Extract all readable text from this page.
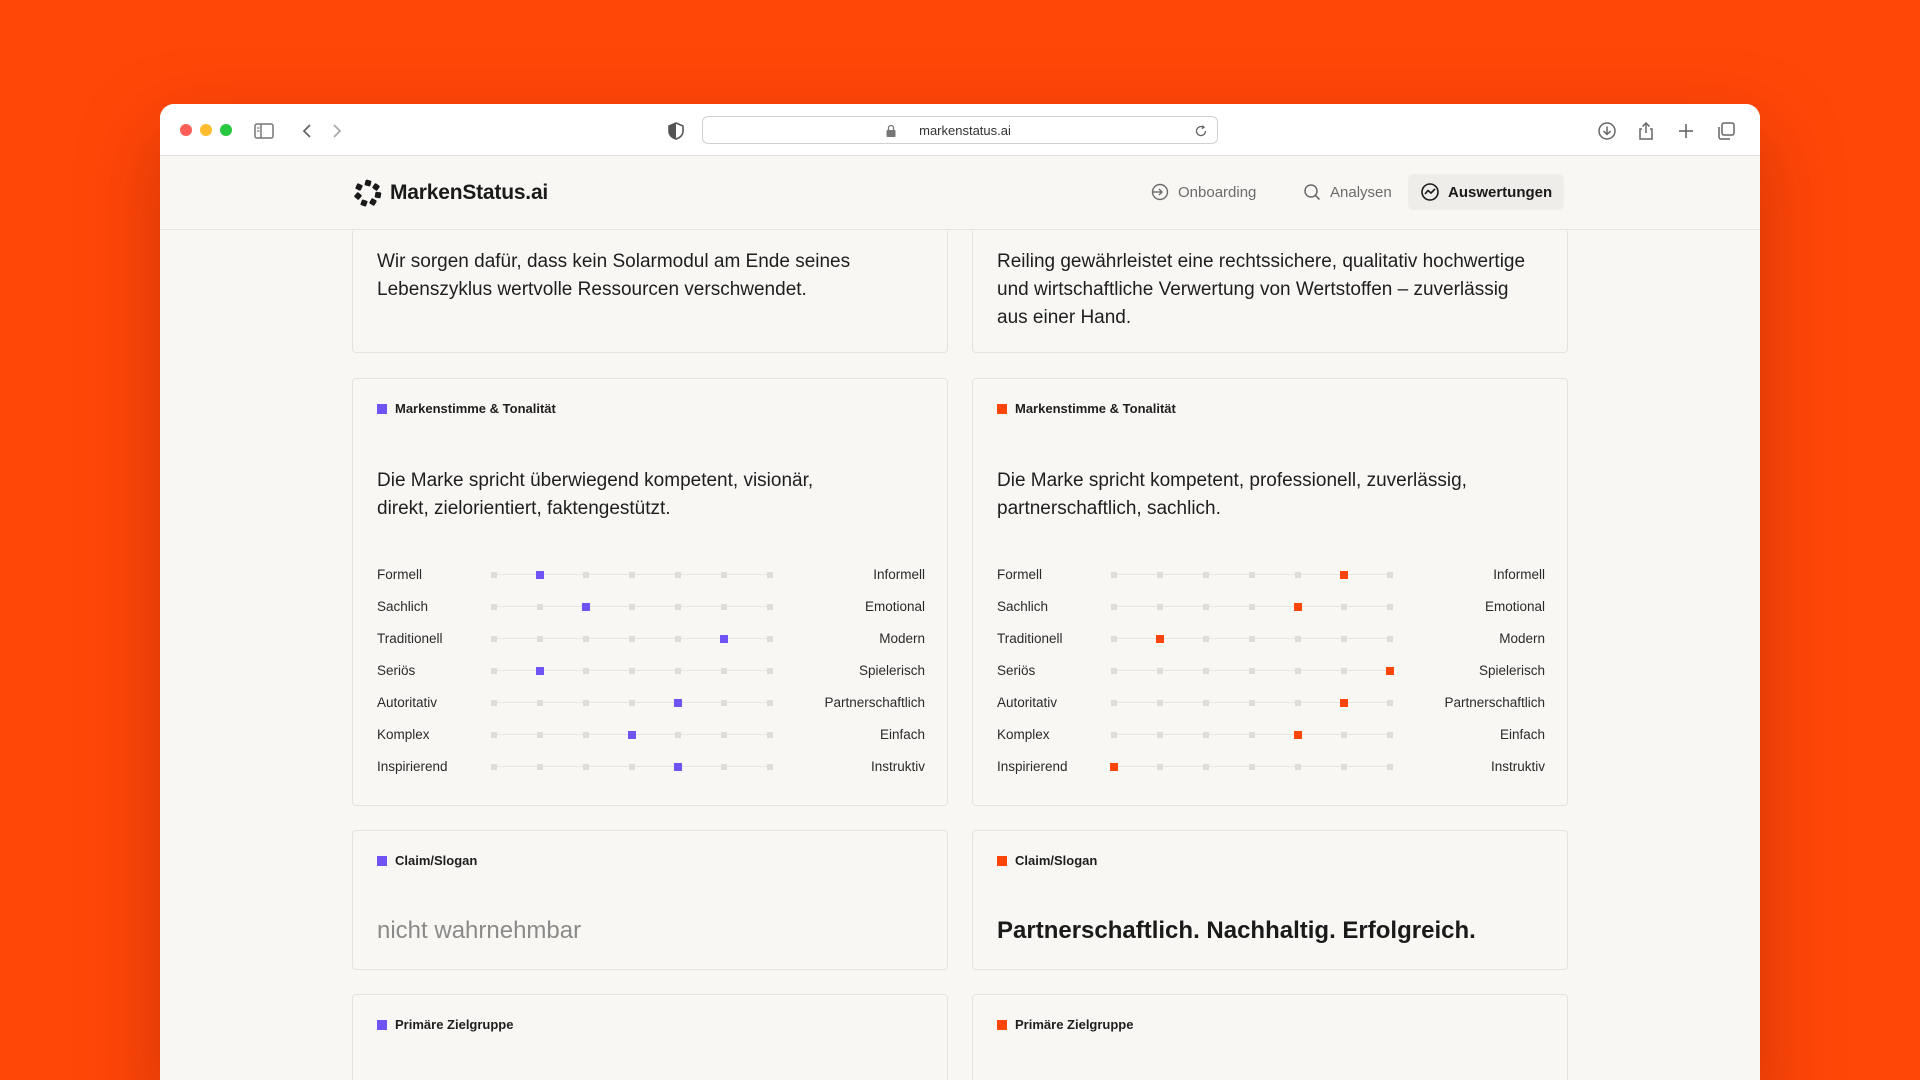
markenstatus.ai
MarkenStatus.ai	Onboarding	Analysen	Auswertungen
Wir sorgen dafür, dass kein Solarmodul am Ende seines Lebenszyklus wertvolle Ressourcen verschwendet.
Reiling gewährleistet eine rechtssichere, qualitativ hochwertige und wirtschaftliche Verwertung von Wertstoffen – zuverlässig aus einer Hand.
Markenstimme & Tonalität
Die Marke spricht überwiegend kompetent, visionär, direkt, zielorientiert, faktengestützt.
Formell	Informell
Sachlich	Emotional
Traditionell	Modern
Seriös	Spielerisch
Autoritativ	Partnerschaftlich
Komplex	Einfach
Inspirierend	Instruktiv
Markenstimme & Tonalität
Die Marke spricht kompetent, professionell, zuverlässig, partnerschaftlich, sachlich.
Formell	Informell
Sachlich	Emotional
Traditionell	Modern
Seriös	Spielerisch
Autoritativ	Partnerschaftlich
Komplex	Einfach
Inspirierend	Instruktiv
Claim/Slogan
nicht wahrnehmbar
Claim/Slogan
Partnerschaftlich. Nachhaltig. Erfolgreich.
Primäre Zielgruppe	Primäre Zielgruppe
